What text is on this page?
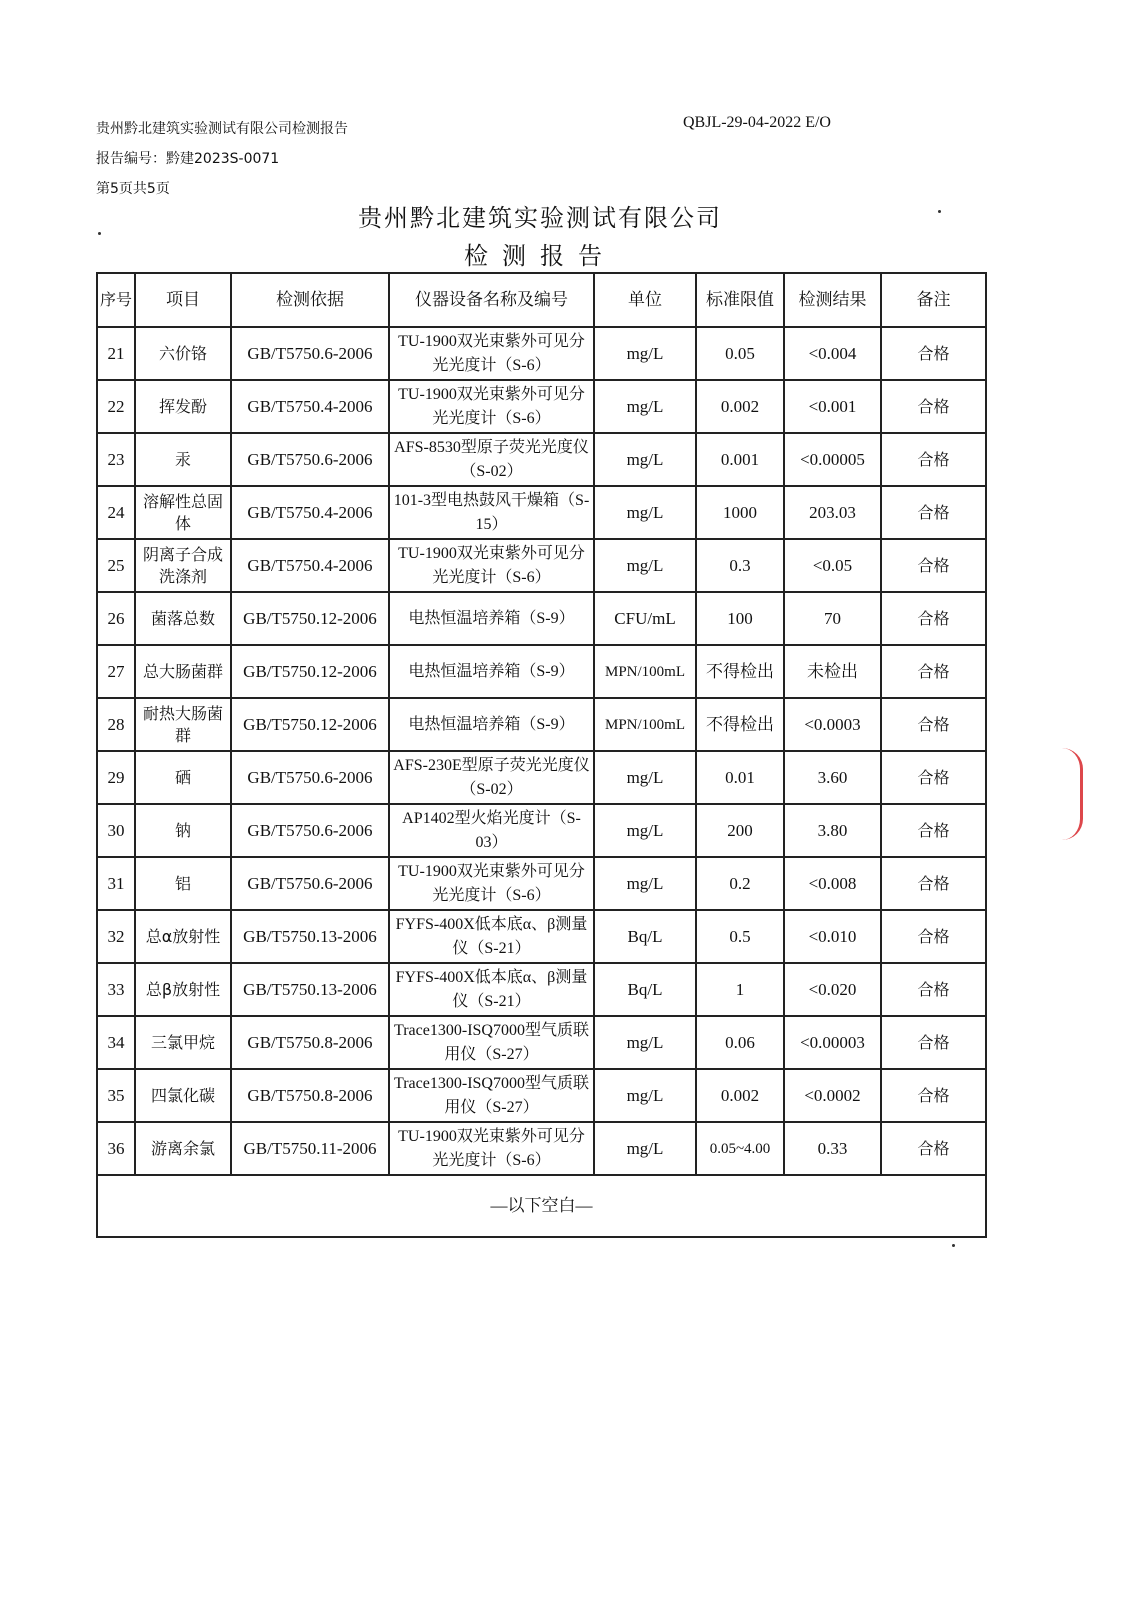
贵州黔北建筑实验测试有限公司检测报告	QBJL-29-04-2022 E/O
报告编号：黔建2023S-0071
第5页共5页
贵州黔北建筑实验测试有限公司
检测报告
序号	项目	检测依据	仪器设备名称及编号	单位	标准限值	检测结果	备注
21	六价铬	GB/T5750.6-2006	TU-1900双光束紫外可见分光光度计（S-6）	mg/L	0.05	<0.004	合格
22	挥发酚	GB/T5750.4-2006	TU-1900双光束紫外可见分光光度计（S-6）	mg/L	0.002	<0.001	合格
23	汞	GB/T5750.6-2006	AFS-8530型原子荧光光度仪（S-02）	mg/L	0.001	<0.00005	合格
24	溶解性总固体	GB/T5750.4-2006	101-3型电热鼓风干燥箱（S-15）	mg/L	1000	203.03	合格
25	阴离子合成洗涤剂	GB/T5750.4-2006	TU-1900双光束紫外可见分光光度计（S-6）	mg/L	0.3	<0.05	合格
26	菌落总数	GB/T5750.12-2006	电热恒温培养箱（S-9）	CFU/mL	100	70	合格
27	总大肠菌群	GB/T5750.12-2006	电热恒温培养箱（S-9）	MPN/100mL	不得检出	未检出	合格
28	耐热大肠菌群	GB/T5750.12-2006	电热恒温培养箱（S-9）	MPN/100mL	不得检出	<0.0003	合格
29	硒	GB/T5750.6-2006	AFS-230E型原子荧光光度仪（S-02）	mg/L	0.01	3.60	合格
30	钠	GB/T5750.6-2006	AP1402型火焰光度计（S-03）	mg/L	200	3.80	合格
31	铝	GB/T5750.6-2006	TU-1900双光束紫外可见分光光度计（S-6）	mg/L	0.2	<0.008	合格
32	总α放射性	GB/T5750.13-2006	FYFS-400X低本底α、β测量仪（S-21）	Bq/L	0.5	<0.010	合格
33	总β放射性	GB/T5750.13-2006	FYFS-400X低本底α、β测量仪（S-21）	Bq/L	1	<0.020	合格
34	三氯甲烷	GB/T5750.8-2006	Trace1300-ISQ7000型气质联用仪（S-27）	mg/L	0.06	<0.00003	合格
35	四氯化碳	GB/T5750.8-2006	Trace1300-ISQ7000型气质联用仪（S-27）	mg/L	0.002	<0.0002	合格
36	游离余氯	GB/T5750.11-2006	TU-1900双光束紫外可见分光光度计（S-6）	mg/L	0.05~4.00	0.33	合格
—以下空白—							
